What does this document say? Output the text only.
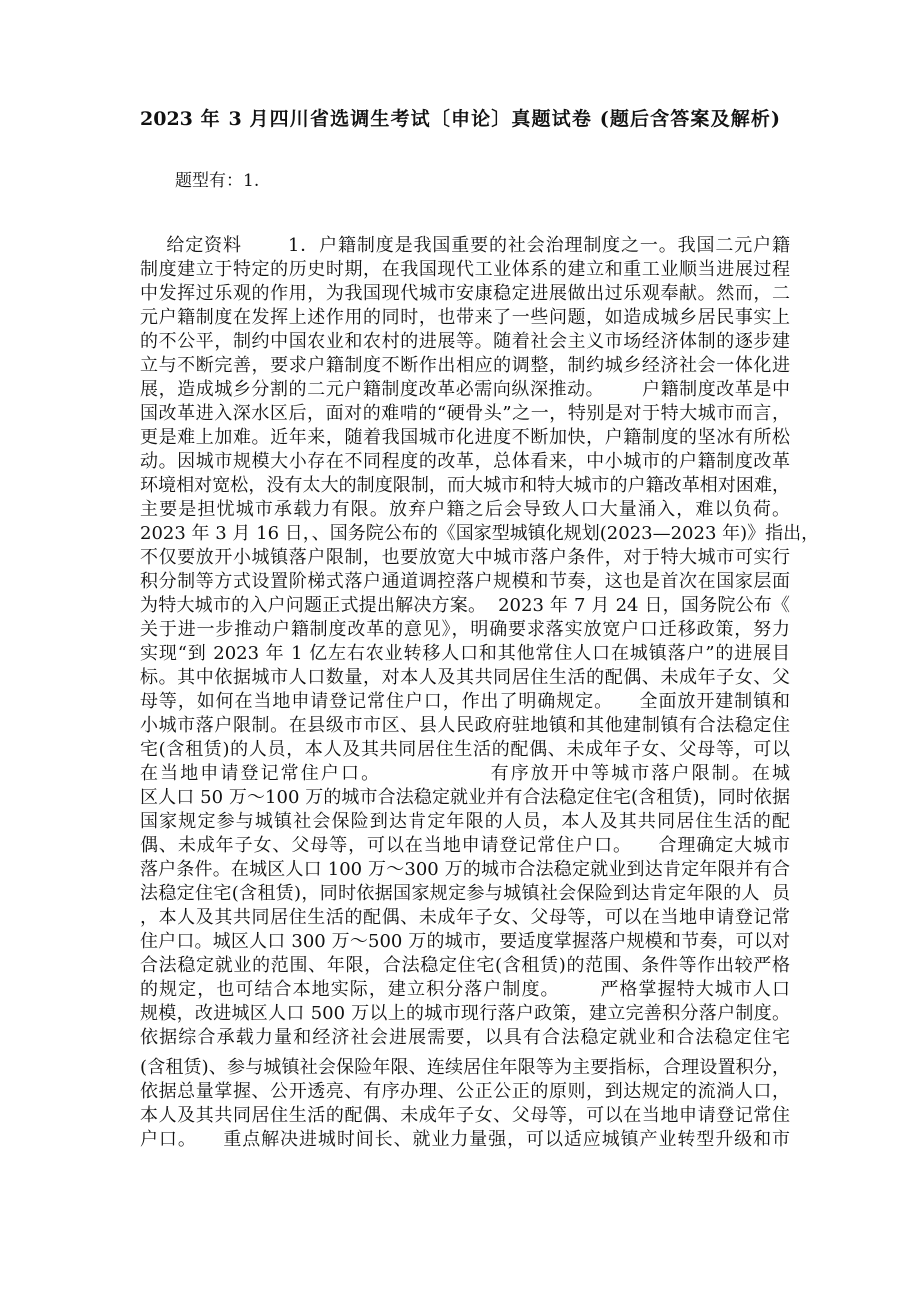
2023 年 3 月四川省选调生考试〔申论〕真题试卷 (题后含答案及解析)
题型有：1.
给定资料       1．户籍制度是我国重要的社会治理制度之一。我国二元户籍
制度建立于特定的历史时期，在我国现代工业体系的建立和重工业顺当进展过程
中发挥过乐观的作用，为我国现代城市安康稳定进展做出过乐观奉献。然而，二
元户籍制度在发挥上述作用的同时，也带来了一些问题，如造成城乡居民事实上
的不公平，制约中国农业和农村的进展等。随着社会主义市场经济体制的逐步建
立与不断完善，要求户籍制度不断作出相应的调整，制约城乡经济社会一体化进
展，造成城乡分割的二元户籍制度改革必需向纵深推动。      户籍制度改革是中
国改革进入深水区后，面对的难啃的“硬骨头”之一，特别是对于特大城市而言，
更是难上加难。近年来，随着我国城市化进度不断加快，户籍制度的坚冰有所松
动。因城市规模大小存在不同程度的改革，总体看来，中小城市的户籍制度改革
环境相对宽松，没有太大的制度限制，而大城市和特大城市的户籍改革相对困难，
主要是担忧城市承载力有限。放弃户籍之后会导致人口大量涌入，难以负荷。
2023 年 3 月 16 日，、国务院公布的《国家型城镇化规划(2023—2023 年)》指出，
不仅要放开小城镇落户限制，也要放宽大中城市落户条件，对于特大城市可实行
积分制等方式设置阶梯式落户通道调控落户规模和节奏，这也是首次在国家层面
为特大城市的入户问题正式提出解决方案。  2023 年 7 月 24 日，国务院公布《
关于进一步推动户籍制度改革的意见》，明确要求落实放宽户口迁移政策，努力
实现“到 2023 年 1 亿左右农业转移人口和其他常住人口在城镇落户”的进展目
标。其中依据城市人口数量，对本人及其共同居住生活的配偶、未成年子女、父
母等，如何在当地申请登记常住户口，作出了明确规定。    全面放开建制镇和
小城市落户限制。在县级市市区、县人民政府驻地镇和其他建制镇有合法稳定住
宅(含租赁)的人员，本人及其共同居住生活的配偶、未成年子女、父母等，可以
在当地申请登记常住户口。              有序放开中等城市落户限制。在城
区人口 50 万～100 万的城市合法稳定就业并有合法稳定住宅(含租赁)，同时依据
国家规定参与城镇社会保险到达肯定年限的人员，本人及其共同居住生活的配
偶、未成年子女、父母等，可以在当地申请登记常住户口。    合理确定大城市
落户条件。在城区人口 100 万～300 万的城市合法稳定就业到达肯定年限并有合
法稳定住宅(含租赁)，同时依据国家规定参与城镇社会保险到达肯定年限的人  员
，本人及其共同居住生活的配偶、未成年子女、父母等，可以在当地申请登记常
住户口。城区人口 300 万～500 万的城市，要适度掌握落户规模和节奏，可以对
合法稳定就业的范围、年限，合法稳定住宅(含租赁)的范围、条件等作出较严格
的规定，也可结合本地实际，建立积分落户制度。      严格掌握特大城市人口
规模，改进城区人口 500 万以上的城市现行落户政策，建立完善积分落户制度。
依据综合承载力量和经济社会进展需要，以具有合法稳定就业和合法稳定住宅
(含租赁)、参与城镇社会保险年限、连续居住年限等为主要指标，合理设置积分，
依据总量掌握、公开透亮、有序办理、公正公正的原则，到达规定的流淌人口，
本人及其共同居住生活的配偶、未成年子女、父母等，可以在当地申请登记常住
户口。    重点解决进城时间长、就业力量强，可以适应城镇产业转型升级和市
